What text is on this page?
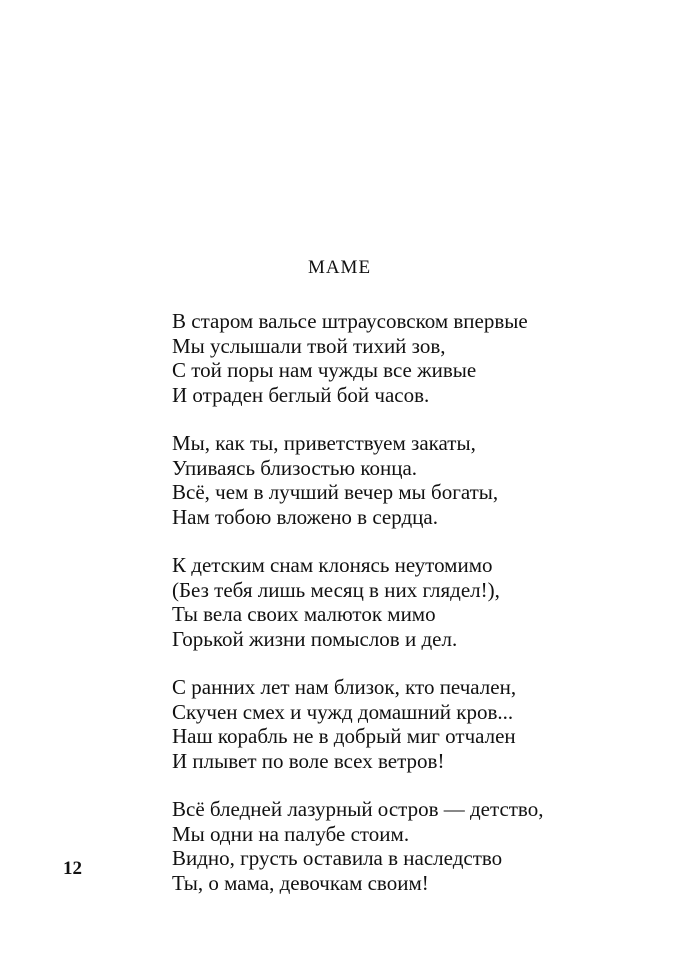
МАМЕ
В старом вальсе штраусовском впервые
Мы услышали твой тихий зов,
С той поры нам чужды все живые
И отраден беглый бой часов.
Мы, как ты, приветствуем закаты,
Упиваясь близостью конца.
Всё, чем в лучший вечер мы богаты,
Нам тобою вложено в сердца.
К детским снам клонясь неутомимо
(Без тебя лишь месяц в них глядел!),
Ты вела своих малюток мимо
Горькой жизни помыслов и дел.
С ранних лет нам близок, кто печален,
Скучен смех и чужд домашний кров...
Наш корабль не в добрый миг отчален
И плывет по воле всех ветров!
Всё бледней лазурный остров — детство,
Мы одни на палубе стоим.
Видно, грусть оставила в наследство
Ты, о мама, девочкам своим!
12
